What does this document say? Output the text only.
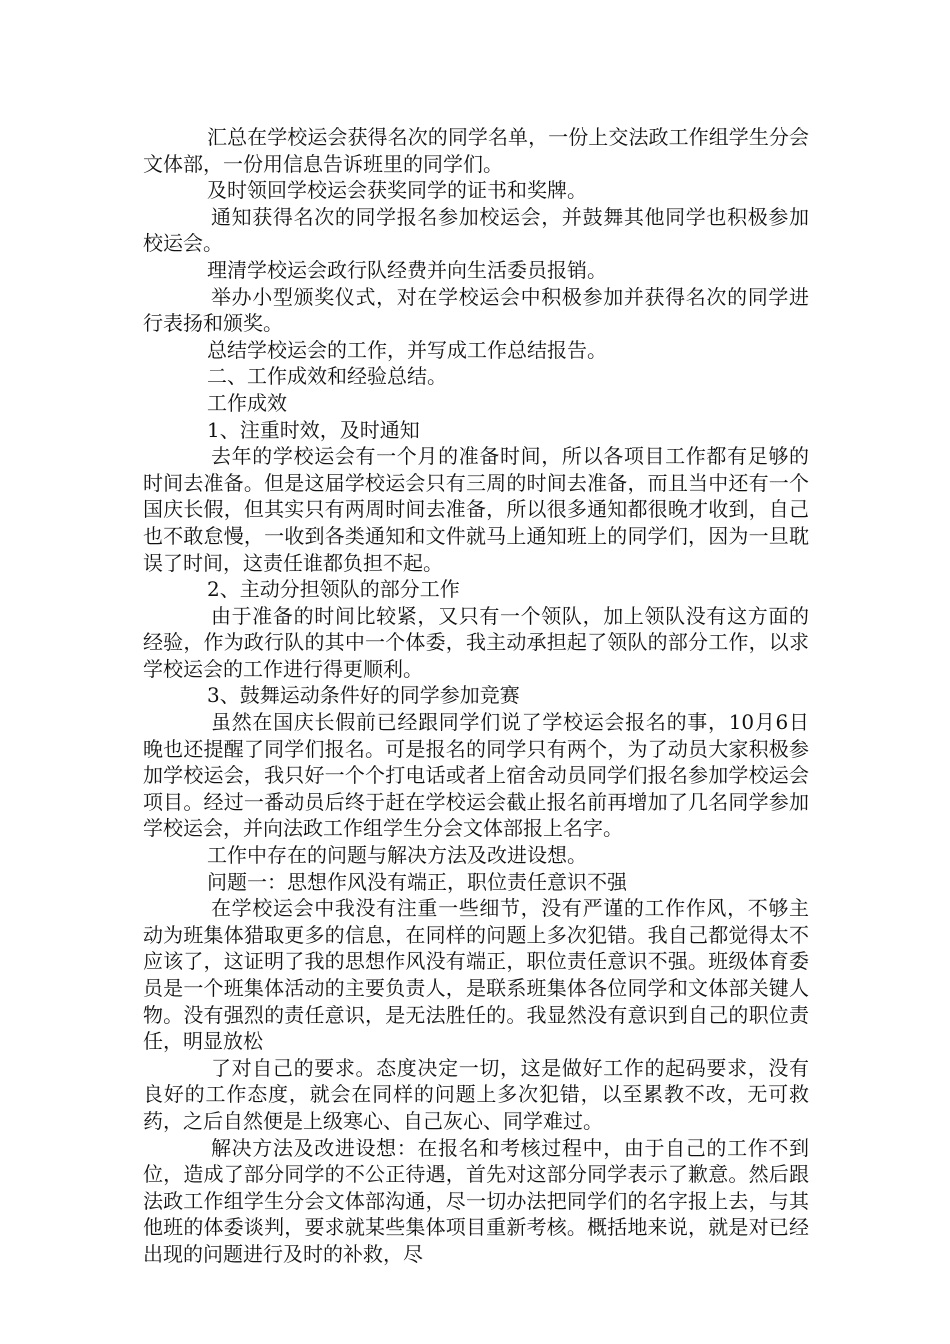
汇总在学校运会获得名次的同学名单，一份上交法政工作组学生分会文体部，一份用信息告诉班里的同学们。

及时领回学校运会获奖同学的证书和奖牌。

通知获得名次的同学报名参加校运会，并鼓舞其他同学也积极参加校运会。

理清学校运会政行队经费并向生活委员报销。

举办小型颁奖仪式，对在学校运会中积极参加并获得名次的同学进行表扬和颁奖。

总结学校运会的工作，并写成工作总结报告。

二、工作成效和经验总结。

工作成效

1、注重时效，及时通知

去年的学校运会有一个月的准备时间，所以各项目工作都有足够的时间去准备。但是这届学校运会只有三周的时间去准备，而且当中还有一个国庆长假，但其实只有两周时间去准备，所以很多通知都很晚才收到，自己也不敢怠慢，一收到各类通知和文件就马上通知班上的同学们，因为一旦耽误了时间，这责任谁都负担不起。

2、主动分担领队的部分工作

由于准备的时间比较紧，又只有一个领队，加上领队没有这方面的经验，作为政行队的其中一个体委，我主动承担起了领队的部分工作，以求学校运会的工作进行得更顺利。

3、鼓舞运动条件好的同学参加竞赛

虽然在国庆长假前已经跟同学们说了学校运会报名的事，10月6日晚也还提醒了同学们报名。可是报名的同学只有两个，为了动员大家积极参加学校运会，我只好一个个打电话或者上宿舍动员同学们报名参加学校运会项目。经过一番动员后终于赶在学校运会截止报名前再增加了几名同学参加学校运会，并向法政工作组学生分会文体部报上名字。

工作中存在的问题与解决方法及改进设想。

问题一：思想作风没有端正，职位责任意识不强

在学校运会中我没有注重一些细节，没有严谨的工作作风，不够主动为班集体猎取更多的信息，在同样的问题上多次犯错。我自己都觉得太不应该了，这证明了我的思想作风没有端正，职位责任意识不强。班级体育委员是一个班集体活动的主要负责人，是联系班集体各位同学和文体部关键人物。没有强烈的责任意识，是无法胜任的。我显然没有意识到自己的职位责任，明显放松

了对自己的要求。态度决定一切，这是做好工作的起码要求，没有良好的工作态度，就会在同样的问题上多次犯错，以至累教不改，无可救药，之后自然便是上级寒心、自己灰心、同学难过。

解决方法及改进设想：在报名和考核过程中，由于自己的工作不到位，造成了部分同学的不公正待遇，首先对这部分同学表示了歉意。然后跟法政工作组学生分会文体部沟通，尽一切办法把同学们的名字报上去，与其他班的体委谈判，要求就某些集体项目重新考核。概括地来说，就是对已经出现的问题进行及时的补救，尽
